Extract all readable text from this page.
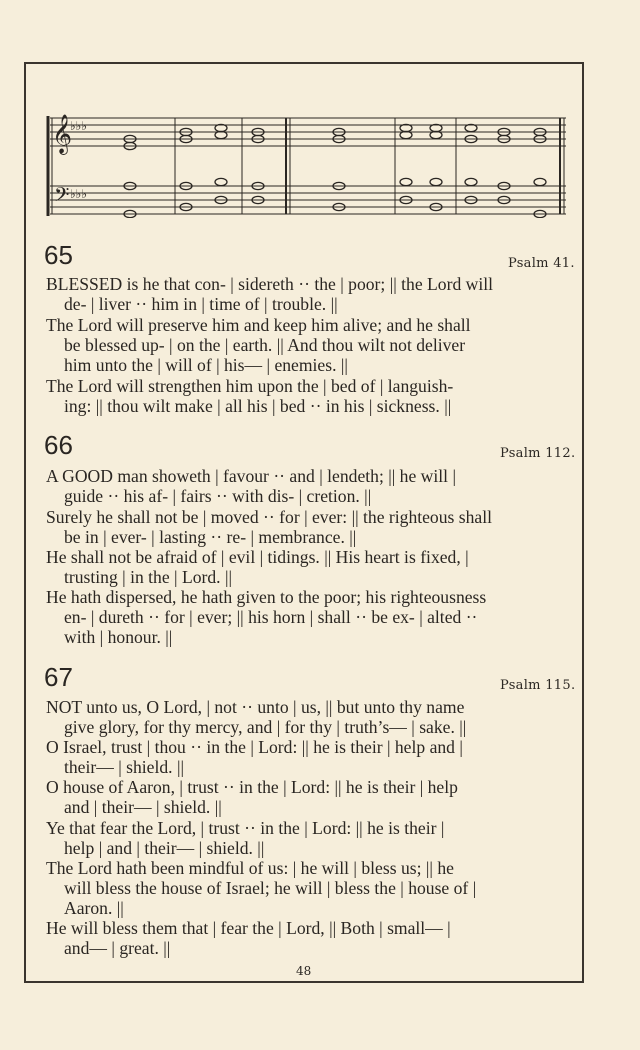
𝄞
♭♭♭
𝄢 ♭♭♭
65	Psalm 41.
BLESSED is he that con- | sidereth ·· the | poor; || the Lord will
de- | liver ·· him in | time of | trouble. ||
The Lord will preserve him and keep him alive; and he shall
be blessed up- | on the | earth. || And thou wilt not deliver
him unto the | will of | his— | enemies. ||
The Lord will strengthen him upon the | bed of | languish-
ing: || thou wilt make | all his | bed ·· in his | sickness. ||
66	Psalm 112.
A GOOD man showeth | favour ·· and | lendeth; || he will |
guide ·· his af- | fairs ·· with dis- | cretion. ||
Surely he shall not be | moved ·· for | ever: || the righteous shall
be in | ever- | lasting ·· re- | membrance. ||
He shall not be afraid of | evil | tidings. || His heart is fixed, |
trusting | in the | Lord. ||
He hath dispersed, he hath given to the poor; his righteousness
en- | dureth ·· for | ever; || his horn | shall ·· be ex- | alted ··
with | honour. ||
67	Psalm 115.
NOT unto us, O Lord, | not ·· unto | us, || but unto thy name
give glory, for thy mercy, and | for thy | truth’s— | sake. ||
O Israel, trust | thou ·· in the | Lord: || he is their | help and |
their— | shield. ||
O house of Aaron, | trust ·· in the | Lord: || he is their | help
and | their— | shield. ||
Ye that fear the Lord, | trust ·· in the | Lord: || he is their |
help | and | their— | shield. ||
The Lord hath been mindful of us: | he will | bless us; || he
will bless the house of Israel; he will | bless the | house of |
Aaron. ||
He will bless them that | fear the | Lord, || Both | small— |
and— | great. ||
48
